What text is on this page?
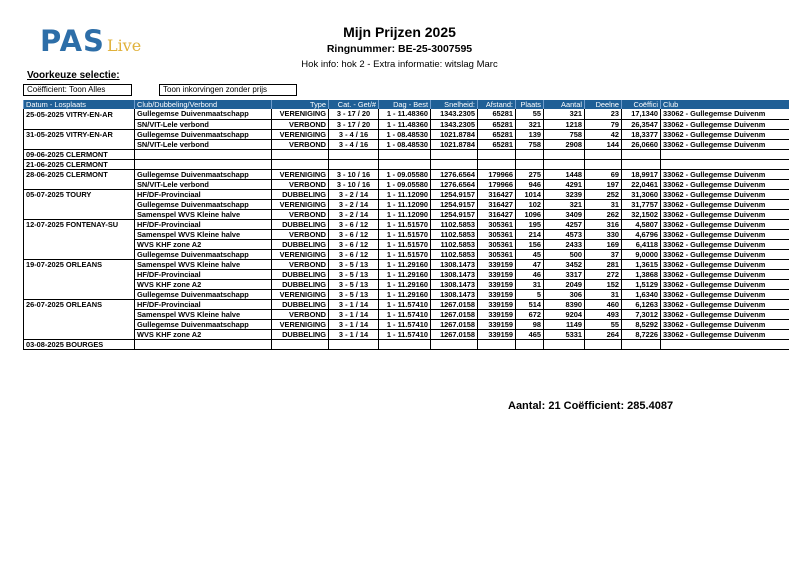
PAS Live
Mijn Prijzen 2025
Ringnummer: BE-25-3007595
Hok info: hok 2 - Extra informatie: witslag Marc
Voorkeuze selectie:
Coëfficient: Toon Alles	Toon inkorvingen zonder prijs
Datum - Losplaats	Club/Dubbeling/Verbond	Type	Cat. - Get/#	Dag - Best	Snelheid:	Afstand:	Plaats	Aantal	Deelne	Coëffici	Club
25-05-2025 VITRY-EN-AR	Gullegemse Duivenmaatschapp	VERENIGING	3 - 17 / 20	1 - 11.48360	1343.2305	65281	55	321	23	17,1340	33062 - Gullegemse Duivenm
	SN/VIT-Lele verbond	VERBOND	3 - 17 / 20	1 - 11.48360	1343.2305	65281	321	1218	79	26,3547	33062 - Gullegemse Duivenm
31-05-2025 VITRY-EN-AR	Gullegemse Duivenmaatschapp	VERENIGING	3 - 4 / 16	1 - 08.48530	1021.8784	65281	139	758	42	18,3377	33062 - Gullegemse Duivenm
	SN/VIT-Lele verbond	VERBOND	3 - 4 / 16	1 - 08.48530	1021.8784	65281	758	2908	144	26,0660	33062 - Gullegemse Duivenm
09-06-2025 CLERMONT											
21-06-2025 CLERMONT											
28-06-2025 CLERMONT	Gullegemse Duivenmaatschapp	VERENIGING	3 - 10 / 16	1 - 09.05580	1276.6564	179966	275	1448	69	18,9917	33062 - Gullegemse Duivenm
	SN/VIT-Lele verbond	VERBOND	3 - 10 / 16	1 - 09.05580	1276.6564	179966	946	4291	197	22,0461	33062 - Gullegemse Duivenm
05-07-2025 TOURY	HF/DF-Provinciaal	DUBBELING	3 - 2 / 14	1 - 11.12090	1254.9157	316427	1014	3239	252	31,3060	33062 - Gullegemse Duivenm
	Gullegemse Duivenmaatschapp	VERENIGING	3 - 2 / 14	1 - 11.12090	1254.9157	316427	102	321	31	31,7757	33062 - Gullegemse Duivenm
	Samenspel WVS Kleine halve	VERBOND	3 - 2 / 14	1 - 11.12090	1254.9157	316427	1096	3409	262	32,1502	33062 - Gullegemse Duivenm
12-07-2025 FONTENAY-SU	HF/DF-Provinciaal	DUBBELING	3 - 6 / 12	1 - 11.51570	1102.5853	305361	195	4257	316	4,5807	33062 - Gullegemse Duivenm
	Samenspel WVS Kleine halve	VERBOND	3 - 6 / 12	1 - 11.51570	1102.5853	305361	214	4573	330	4,6796	33062 - Gullegemse Duivenm
	WVS KHF zone A2	DUBBELING	3 - 6 / 12	1 - 11.51570	1102.5853	305361	156	2433	169	6,4118	33062 - Gullegemse Duivenm
	Gullegemse Duivenmaatschapp	VERENIGING	3 - 6 / 12	1 - 11.51570	1102.5853	305361	45	500	37	9,0000	33062 - Gullegemse Duivenm
19-07-2025 ORLEANS	Samenspel WVS Kleine halve	VERBOND	3 - 5 / 13	1 - 11.29160	1308.1473	339159	47	3452	281	1,3615	33062 - Gullegemse Duivenm
	HF/DF-Provinciaal	DUBBELING	3 - 5 / 13	1 - 11.29160	1308.1473	339159	46	3317	272	1,3868	33062 - Gullegemse Duivenm
	WVS KHF zone A2	DUBBELING	3 - 5 / 13	1 - 11.29160	1308.1473	339159	31	2049	152	1,5129	33062 - Gullegemse Duivenm
	Gullegemse Duivenmaatschapp	VERENIGING	3 - 5 / 13	1 - 11.29160	1308.1473	339159	5	306	31	1,6340	33062 - Gullegemse Duivenm
26-07-2025 ORLEANS	HF/DF-Provinciaal	DUBBELING	3 - 1 / 14	1 - 11.57410	1267.0158	339159	514	8390	460	6,1263	33062 - Gullegemse Duivenm
	Samenspel WVS Kleine halve	VERBOND	3 - 1 / 14	1 - 11.57410	1267.0158	339159	672	9204	493	7,3012	33062 - Gullegemse Duivenm
	Gullegemse Duivenmaatschapp	VERENIGING	3 - 1 / 14	1 - 11.57410	1267.0158	339159	98	1149	55	8,5292	33062 - Gullegemse Duivenm
	WVS KHF zone A2	DUBBELING	3 - 1 / 14	1 - 11.57410	1267.0158	339159	465	5331	264	8,7226	33062 - Gullegemse Duivenm
03-08-2025 BOURGES											
Aantal: 21 Coëfficient: 285.4087
